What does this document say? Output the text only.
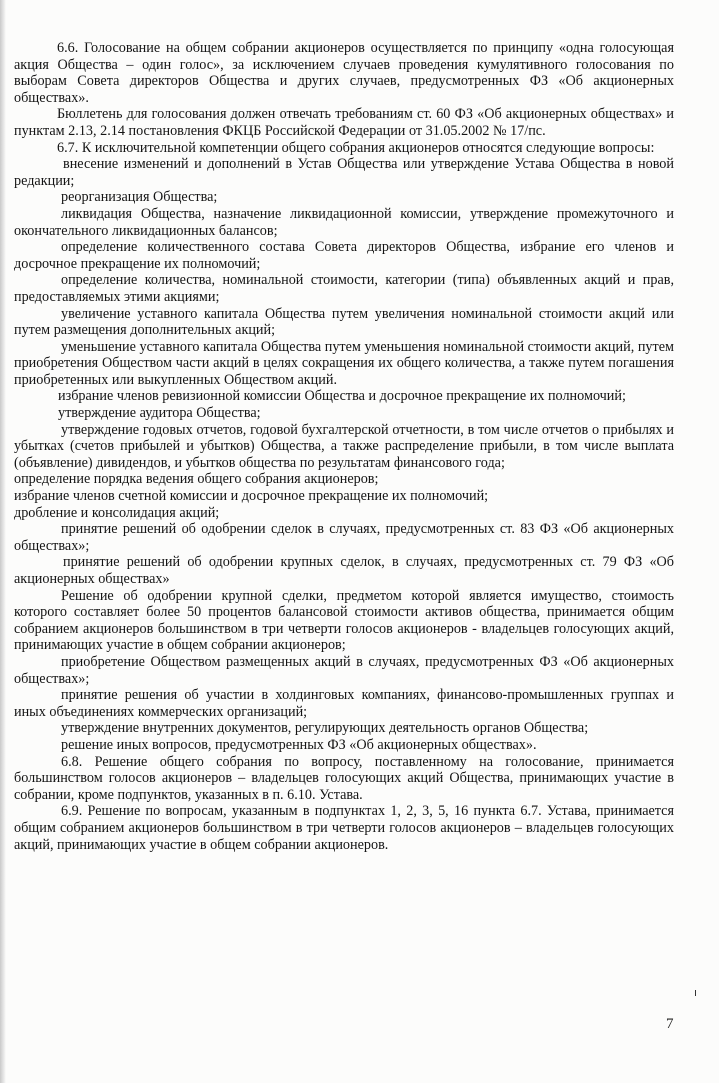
6.6. Голосование на общем собрании акционеров осуществляется по принципу «одна голосующая акция Общества – один голос», за исключением случаев проведения кумулятивного голосования по выборам Совета директоров Общества и других случаев, предусмотренных ФЗ «Об акционерных обществах».

Бюллетень для голосования должен отвечать требованиям ст. 60 ФЗ «Об акционерных обществах» и пунктам 2.13, 2.14 постановления ФКЦБ Российской Федерации от 31.05.2002 № 17/пс.

6.7. К исключительной компетенции общего собрания акционеров относятся следующие вопросы:

внесение изменений и дополнений в Устав Общества или утверждение Устава Общества в новой редакции;

реорганизация Общества;

ликвидация Общества, назначение ликвидационной комиссии, утверждение промежуточного и окончательного ликвидационных балансов;

определение количественного состава Совета директоров Общества, избрание его членов и досрочное прекращение их полномочий;

определение количества, номинальной стоимости, категории (типа) объявленных акций и прав, предоставляемых этими акциями;

увеличение уставного капитала Общества путем увеличения номинальной стоимости акций или путем размещения дополнительных акций;

уменьшение уставного капитала Общества путем уменьшения номинальной стоимости акций, путем приобретения Обществом части акций в целях сокращения их общего количества, а также путем погашения приобретенных или выкупленных Обществом акций.

избрание членов ревизионной комиссии Общества и досрочное прекращение их полномочий;

утверждение аудитора Общества;

утверждение годовых отчетов, годовой бухгалтерской отчетности, в том числе отчетов о прибылях и убытках (счетов прибылей и убытков) Общества, а также распределение прибыли, в том числе выплата (объявление) дивидендов, и убытков общества по результатам финансового года;

определение порядка ведения общего собрания акционеров;

избрание членов счетной комиссии и досрочное прекращение их полномочий;

дробление и консолидация акций;

принятие решений об одобрении сделок в случаях, предусмотренных ст. 83 ФЗ «Об акционерных обществах»;

принятие решений об одобрении крупных сделок, в случаях, предусмотренных ст. 79 ФЗ «Об акционерных обществах»

Решение об одобрении крупной сделки, предметом которой является имущество, стоимость которого составляет более 50 процентов балансовой стоимости активов общества, принимается общим собранием акционеров большинством в три четверти голосов акционеров - владельцев голосующих акций, принимающих участие в общем собрании акционеров;

приобретение Обществом размещенных акций в случаях, предусмотренных ФЗ «Об акционерных обществах»;

принятие решения об участии в холдинговых компаниях, финансово-промышленных группах и иных объединениях коммерческих организаций;

утверждение внутренних документов, регулирующих деятельность органов Общества;

решение иных вопросов, предусмотренных ФЗ «Об акционерных обществах».

6.8. Решение общего собрания по вопросу, поставленному на голосование, принимается большинством голосов акционеров – владельцев голосующих акций Общества, принимающих участие в собрании, кроме подпунктов, указанных в п. 6.10. Устава.

6.9. Решение по вопросам, указанным в подпунктах 1, 2, 3, 5, 16 пункта 6.7. Устава, принимается общим собранием акционеров большинством в три четверти голосов акционеров – владельцев голосующих акций, принимающих участие в общем собрании акционеров.

7
